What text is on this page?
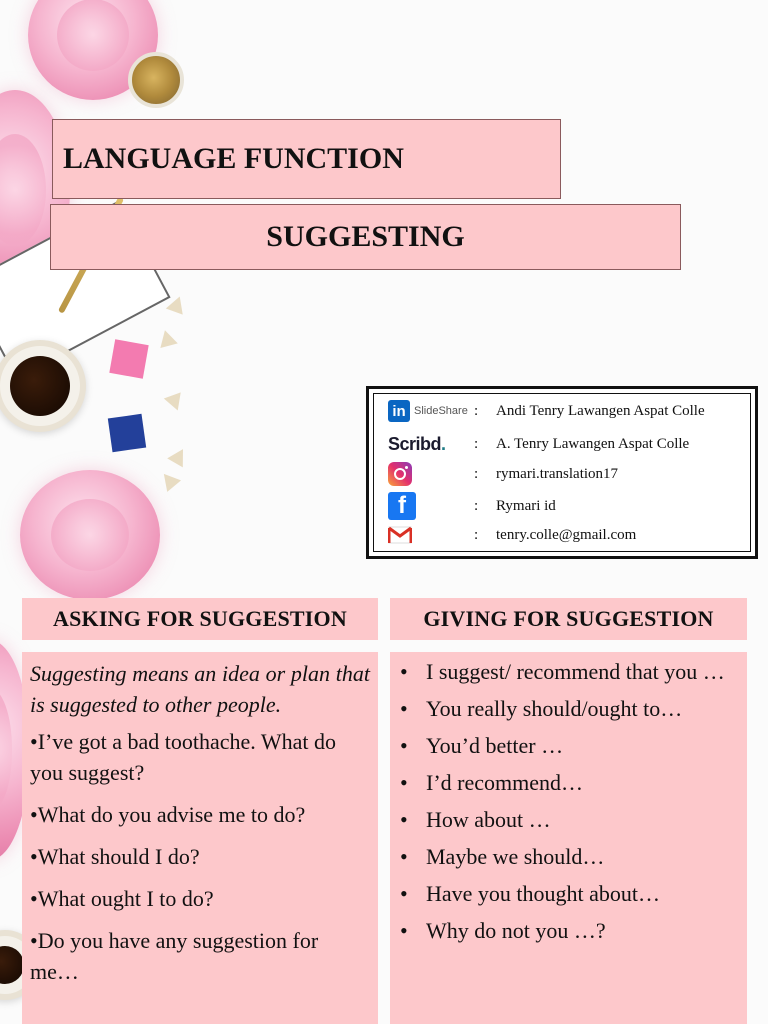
LANGUAGE FUNCTION
SUGGESTING
in SlideShare :	Andi Tenry Lawangen Aspat Colle
Scribd. :	A. Tenry Lawangen Aspat Colle
:	rymari.translation17
f	:	Rymari id
:	tenry.colle@gmail.com
ASKING FOR SUGGESTION	GIVING FOR SUGGESTION

Suggesting means an idea or plan that is suggested to other people.

•I’ve got a bad toothache. What do you suggest?

•What do you advise me to do?

•What should I do?

•What ought I to do?

•Do you have any suggestion for me…

• I suggest/ recommend that you …
• You really should/ought to…
• You’d better …
• I’d recommend…
• How about …
• Maybe we should…
• Have you thought about…
• Why do not you …?
